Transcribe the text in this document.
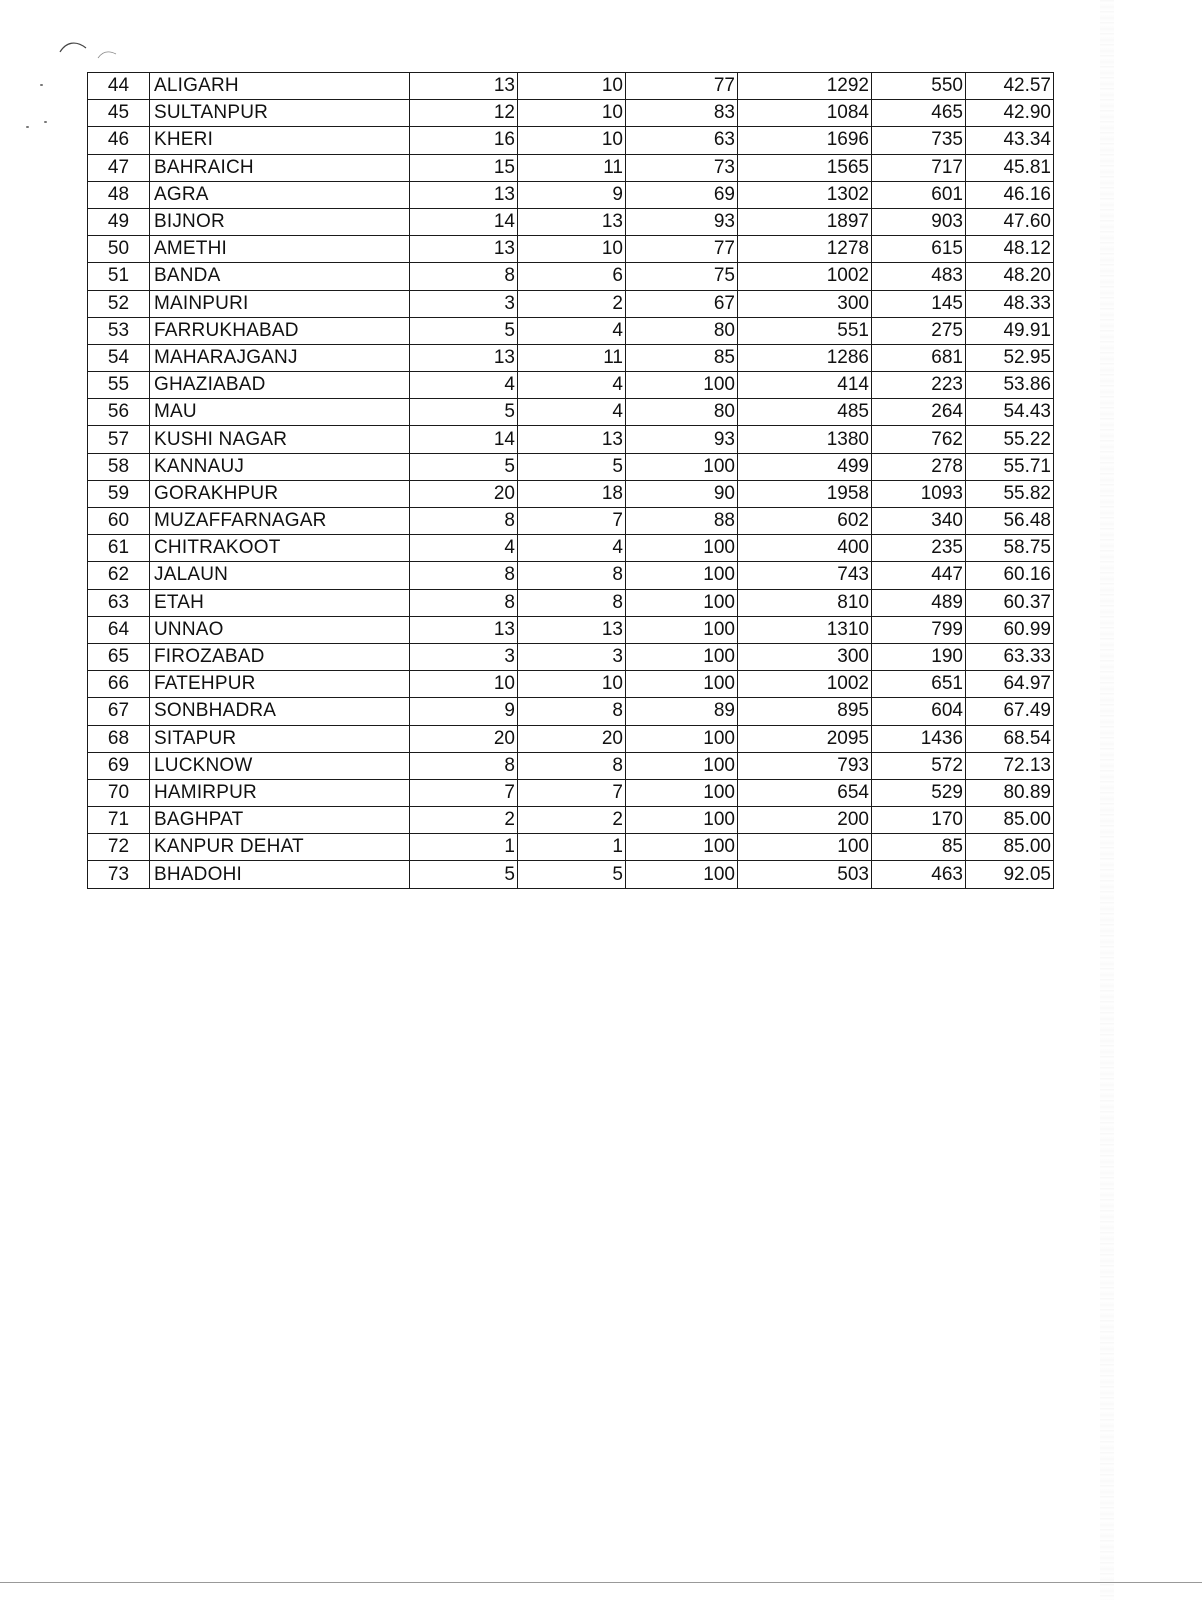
44	ALIGARH	13	10	77	1292	550	42.57
45	SULTANPUR	12	10	83	1084	465	42.90
46	KHERI	16	10	63	1696	735	43.34
47	BAHRAICH	15	11	73	1565	717	45.81
48	AGRA	13	9	69	1302	601	46.16
49	BIJNOR	14	13	93	1897	903	47.60
50	AMETHI	13	10	77	1278	615	48.12
51	BANDA	8	6	75	1002	483	48.20
52	MAINPURI	3	2	67	300	145	48.33
53	FARRUKHABAD	5	4	80	551	275	49.91
54	MAHARAJGANJ	13	11	85	1286	681	52.95
55	GHAZIABAD	4	4	100	414	223	53.86
56	MAU	5	4	80	485	264	54.43
57	KUSHI NAGAR	14	13	93	1380	762	55.22
58	KANNAUJ	5	5	100	499	278	55.71
59	GORAKHPUR	20	18	90	1958	1093	55.82
60	MUZAFFARNAGAR	8	7	88	602	340	56.48
61	CHITRAKOOT	4	4	100	400	235	58.75
62	JALAUN	8	8	100	743	447	60.16
63	ETAH	8	8	100	810	489	60.37
64	UNNAO	13	13	100	1310	799	60.99
65	FIROZABAD	3	3	100	300	190	63.33
66	FATEHPUR	10	10	100	1002	651	64.97
67	SONBHADRA	9	8	89	895	604	67.49
68	SITAPUR	20	20	100	2095	1436	68.54
69	LUCKNOW	8	8	100	793	572	72.13
70	HAMIRPUR	7	7	100	654	529	80.89
71	BAGHPAT	2	2	100	200	170	85.00
72	KANPUR DEHAT	1	1	100	100	85	85.00
73	BHADOHI	5	5	100	503	463	92.05
